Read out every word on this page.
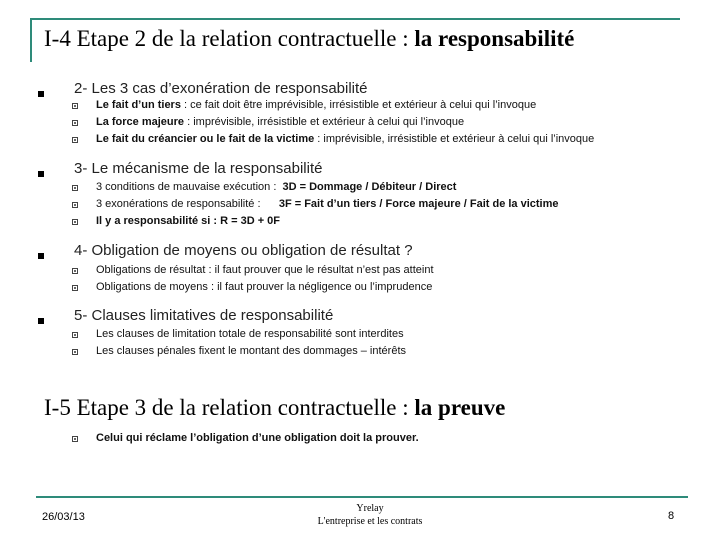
I-4 Etape 2 de la relation contractuelle : la responsabilité
2- Les 3 cas d’exonération de responsabilité
Le fait d’un tiers : ce fait doit être imprévisible, irrésistible et extérieur à celui qui l’invoque
La force majeure : imprévisible, irrésistible et extérieur à celui qui l’invoque
Le fait du créancier ou le fait de la victime : imprévisible, irrésistible et extérieur à celui qui l’invoque
3- Le mécanisme de la responsabilité
3 conditions de mauvaise exécution :  3D = Dommage / Débiteur / Direct
3 exonérations de responsabilité :      3F = Fait d’un tiers / Force majeure / Fait de la victime
Il y a responsabilité si : R = 3D + 0F
4- Obligation de moyens ou obligation de résultat ?
Obligations de résultat : il faut prouver que le résultat n’est pas atteint
Obligations de moyens : il faut prouver la négligence ou l’imprudence
5- Clauses limitatives de responsabilité
Les clauses de limitation totale de responsabilité sont interdites
Les clauses pénales fixent le montant des dommages – intérêts
I-5 Etape 3 de la relation contractuelle : la preuve
Celui qui réclame l’obligation d’une obligation doit la prouver.
26/03/13
Yrelay
L'entreprise et les contrats	8
